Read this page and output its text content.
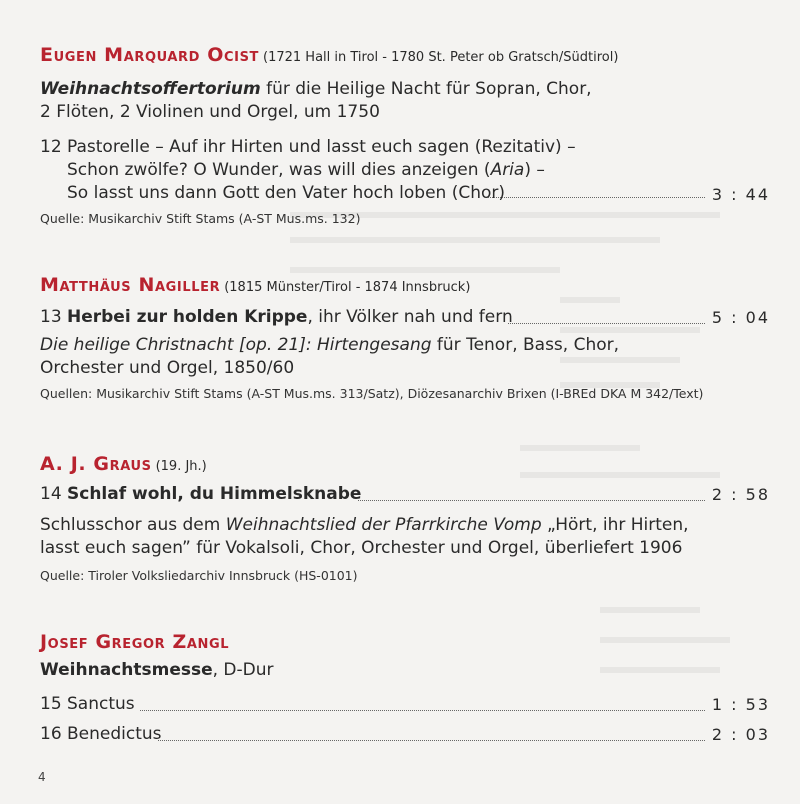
Eugen Marquard Ocist (1721 Hall in Tirol - 1780 St. Peter ob Gratsch/Südtirol)
Weihnachtsoffertorium für die Heilige Nacht für Sopran, Chor,
2 Flöten, 2 Violinen und Orgel, um 1750
12 Pastorelle – Auf ihr Hirten und lasst euch sagen (Rezitativ) –
Schon zwölfe? O Wunder, was will dies anzeigen (Aria) –
So lasst uns dann Gott den Vater hoch loben (Chor)	3 : 44
Quelle: Musikarchiv Stift Stams (A-ST Mus.ms. 132)
Matthäus Nagiller (1815 Münster/Tirol - 1874 Innsbruck)
13 Herbei zur holden Krippe, ihr Völker nah und fern	5 : 04
Die heilige Christnacht [op. 21]: Hirtengesang für Tenor, Bass, Chor,
Orchester und Orgel, 1850/60
Quellen: Musikarchiv Stift Stams (A-ST Mus.ms. 313/Satz), Diözesanarchiv Brixen (I-BREd DKA M 342/Text)
A. J. Graus (19. Jh.)
14 Schlaf wohl, du Himmelsknabe	2 : 58
Schlusschor aus dem Weihnachtslied der Pfarrkirche Vomp „Hört, ihr Hirten,
lasst euch sagen” für Vokalsoli, Chor, Orchester und Orgel, überliefert 1906
Quelle: Tiroler Volksliedarchiv Innsbruck (HS-0101)
Josef Gregor Zangl
Weihnachtsmesse, D-Dur
15 Sanctus	1 : 53
16 Benedictus	2 : 03
4
